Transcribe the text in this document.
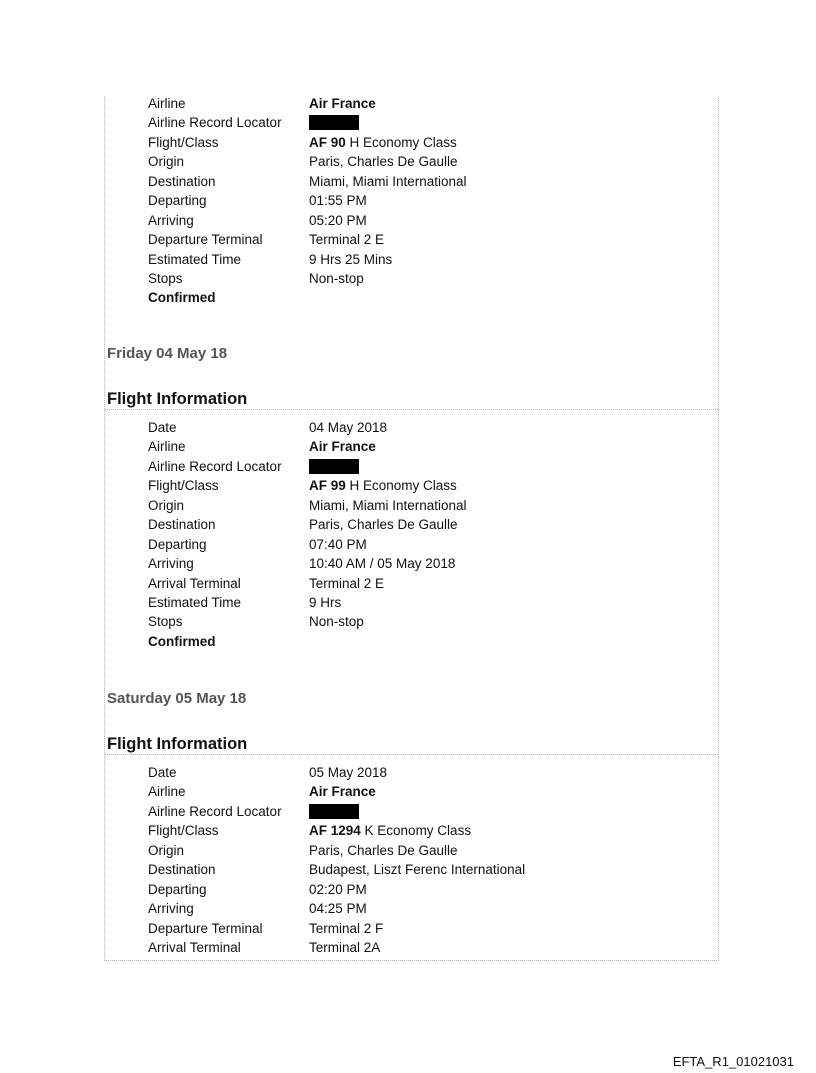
Airline	Air France
Airline Record Locator
Flight/Class	AF 90 H Economy Class
Origin	Paris, Charles De Gaulle
Destination	Miami, Miami International
Departing	01:55 PM
Arriving	05:20 PM
Departure Terminal	Terminal 2 E
Estimated Time	9 Hrs 25 Mins
Stops	Non-stop
Confirmed
Friday 04 May 18
Flight Information
Date	04 May 2018
Airline	Air France
Airline Record Locator
Flight/Class	AF 99 H Economy Class
Origin	Miami, Miami International
Destination	Paris, Charles De Gaulle
Departing	07:40 PM
Arriving	10:40 AM / 05 May 2018
Arrival Terminal	Terminal 2 E
Estimated Time	9 Hrs
Stops	Non-stop
Confirmed
Saturday 05 May 18
Flight Information
Date	05 May 2018
Airline	Air France
Airline Record Locator
Flight/Class	AF 1294 K Economy Class
Origin	Paris, Charles De Gaulle
Destination	Budapest, Liszt Ferenc International
Departing	02:20 PM
Arriving	04:25 PM
Departure Terminal	Terminal 2 F
Arrival Terminal	Terminal 2A
EFTA_R1_01021031
